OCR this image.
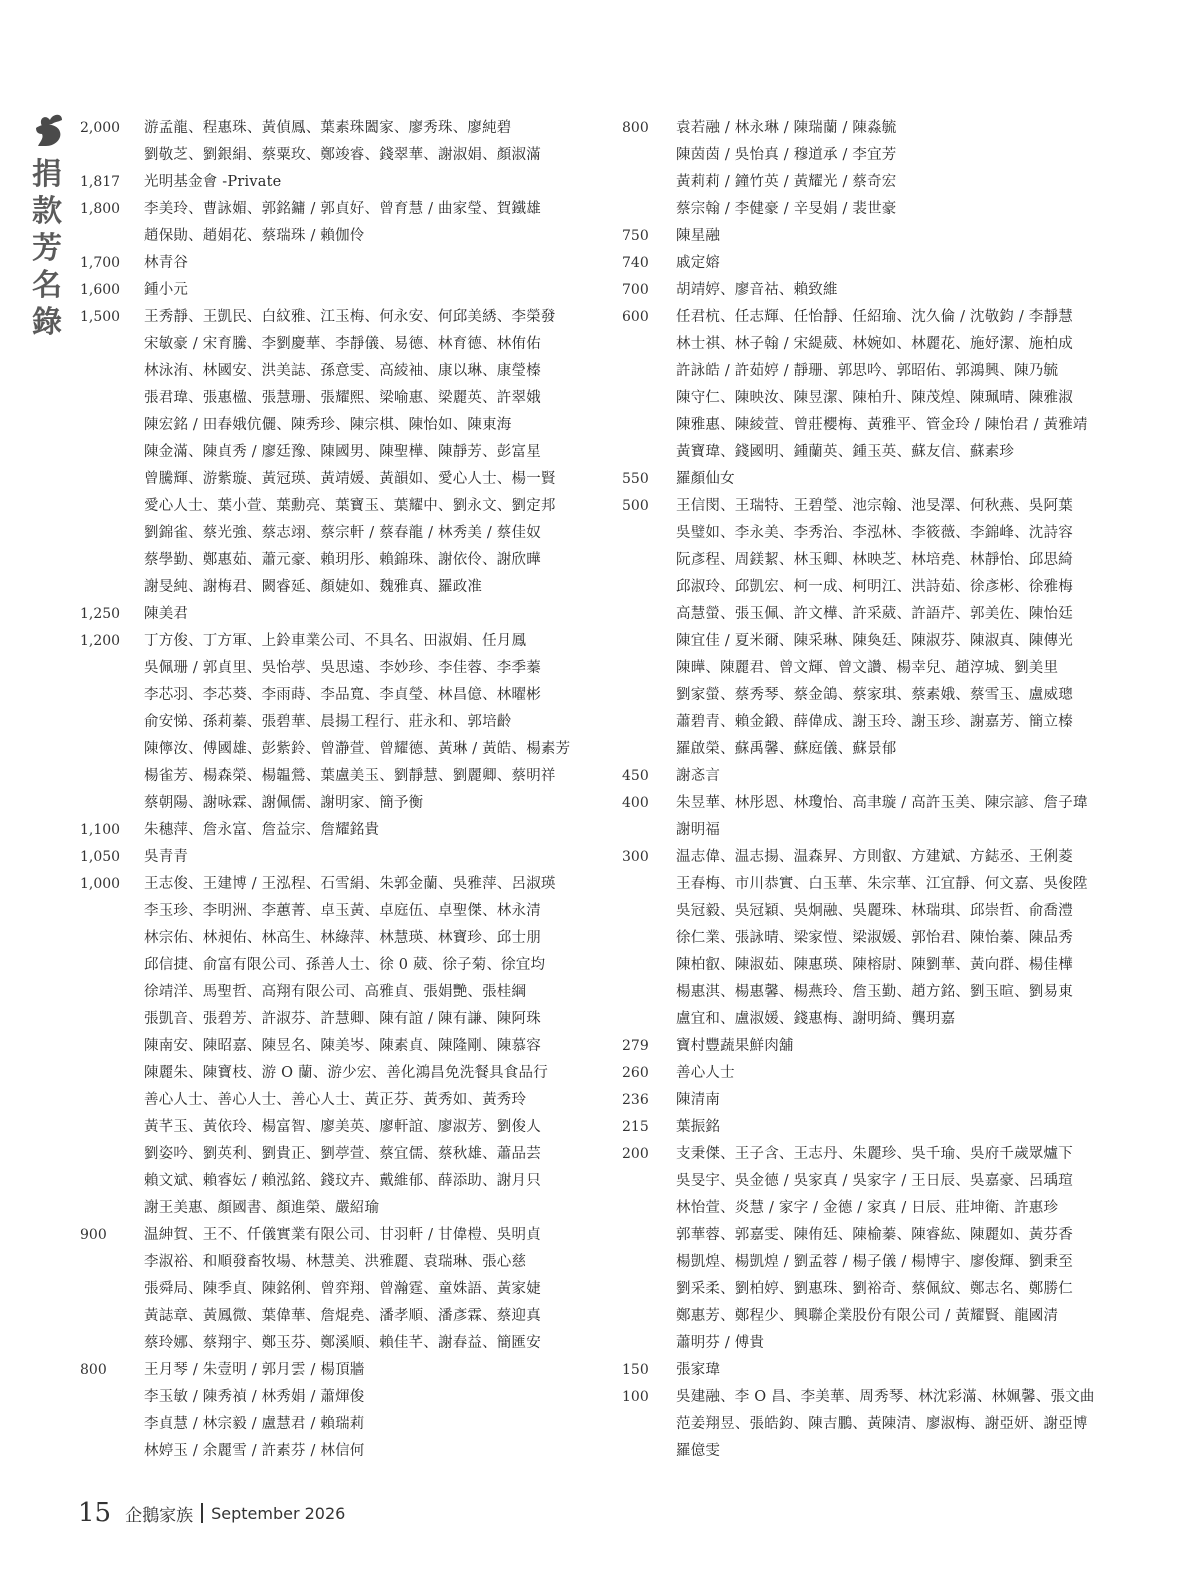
捐
款
芳
名
錄
2,000	游孟龍、程惠珠、黃偵鳳、葉素珠闔家、廖秀珠、廖純碧
劉敬芝、劉銀絹、蔡粟玫、鄭竣睿、錢翠華、謝淑娟、顏淑滿
1,817	光明基金會 -Private
1,800	李美玲、曹詠媚、郭銘鏞 / 郭貞好、曾育慧 / 曲家瑩、賀鐵雄
趙保勛、趙娟花、蔡瑞珠 / 賴伽伶
1,700	林青谷
1,600	鍾小元
1,500	王秀靜、王凱民、白紋雅、江玉梅、何永安、何邱美綉、李榮發
宋敏豪 / 宋育騰、李劉慶華、李靜儀、易德、林育德、林侑佑
林泳洧、林國安、洪美誌、孫意雯、高綾袖、康以琳、康瑩榛
張君瑋、張惠楹、張慧珊、張耀熙、梁喻惠、梁麗英、許翠娥
陳宏銘 / 田春娥伉儷、陳秀珍、陳宗棋、陳怡如、陳東海
陳金滿、陳貞秀 / 廖廷豫、陳國男、陳聖樺、陳靜芳、彭富星
曾騰輝、游紫璇、黃冠瑛、黃靖媛、黃韻如、愛心人士、楊一賢
愛心人士、葉小萱、葉勳亮、葉寶玉、葉耀中、劉永文、劉定邦
劉錦雀、蔡光強、蔡志翊、蔡宗軒 / 蔡春龍 / 林秀美 / 蔡佳奴
蔡學勤、鄭惠茹、蕭元豪、賴玥彤、賴錦珠、謝依伶、謝欣曄
謝旻純、謝梅君、闕睿延、顏婕如、魏雅真、羅政准
1,250	陳美君
1,200	丁方俊、丁方軍、上鈴車業公司、不具名、田淑娟、任月鳳
吳佩珊 / 郭貞里、吳怡葶、吳思遠、李妙珍、李佳蓉、李季蓁
李芯羽、李芯葵、李雨蒔、李品寬、李貞瑩、林昌億、林曜彬
俞安悌、孫莉蓁、張碧華、晨揚工程行、莊永和、郭培齡
陳儜汝、傅國雄、彭紫鈴、曾瀞萱、曾耀德、黃琳 / 黃皓、楊素芳
楊雀芳、楊森榮、楊韞鶯、葉盧美玉、劉靜慧、劉麗卿、蔡明祥
蔡朝陽、謝咏霖、謝佩儒、謝明家、簡予衡
1,100	朱穗萍、詹永富、詹益宗、詹耀銘貴
1,050	吳青青
1,000	王志俊、王建博 / 王泓程、石雪絹、朱郭金蘭、吳雅萍、呂淑瑛
李玉珍、李明洲、李蕙菁、卓玉黃、卓庭伍、卓聖傑、林永清
林宗佑、林昶佑、林高生、林綠萍、林慧瑛、林寶珍、邱士朋
邱信捷、俞富有限公司、孫善人士、徐 0 葳、徐子菊、徐宜均
徐靖洋、馬聖哲、高翔有限公司、高雅貞、張娟艷、張桂綱
張凱音、張碧芳、許淑芬、許慧卿、陳有誼 / 陳有謙、陳阿珠
陳南安、陳昭嘉、陳昱名、陳美岑、陳素貞、陳隆剛、陳慕容
陳麗朱、陳寶枝、游 O 蘭、游少宏、善化鴻昌免洗餐具食品行
善心人士、善心人士、善心人士、黃正芬、黃秀如、黃秀玲
黃芊玉、黃依玲、楊富智、廖美英、廖軒誼、廖淑芳、劉俊人
劉姿吟、劉英利、劉貴正、劉葶萱、蔡宜儒、蔡秋雄、蕭品芸
賴文斌、賴睿妘 / 賴泓銘、錢玟卉、戴維郁、薛添助、謝月只
謝王美惠、顏國書、顏進榮、嚴紹瑜
900	温紳賀、王不、仟儀實業有限公司、甘羽軒 / 甘偉榿、吳明貞
李淑裕、和順發畜牧場、林慧美、洪雅麗、袁瑞琳、張心慈
張舜局、陳季貞、陳銘俐、曾弈翔、曾瀚霆、童姝語、黃家婕
黃誌章、黃鳳微、葉偉華、詹焜堯、潘孝順、潘彥霖、蔡迎真
蔡玲娜、蔡翔宇、鄭玉芬、鄭溪順、賴佳芊、謝春益、簡匯安
800	王月琴 / 朱壹明 / 郭月雲 / 楊頂牆
李玉敏 / 陳秀禎 / 林秀娟 / 蕭煇俊
李貞慧 / 林宗毅 / 盧慧君 / 賴瑞莉
林婷玉 / 余麗雪 / 許素芬 / 林信何
800	袁若融 / 林永琳 / 陳瑞蘭 / 陳淼毓
陳茵茵 / 吳怡真 / 穆道承 / 李宜芳
黃莉莉 / 鐘竹英 / 黃耀光 / 蔡奇宏
蔡宗翰 / 李健豪 / 辛旻娟 / 裴世豪
750	陳星融
740	戚定嫆
700	胡靖婷、廖音祜、賴致維
600	任君杭、任志輝、任怡靜、任紹瑜、沈久倫 / 沈敬鈞 / 李靜慧
林士祺、林子翰 / 宋緹葳、林婉如、林麗花、施妤潔、施柏成
許詠皓 / 許茹婷 / 靜珊、郭思吟、郭昭佑、郭鴻興、陳乃毓
陳守仁、陳映汝、陳昱潔、陳柏升、陳茂煌、陳珮晴、陳雅淑
陳雅惠、陳綾萱、曾莊櫻梅、黃雅平、管金玲 / 陳怡君 / 黃雅靖
黃寶瑋、錢國明、鍾蘭英、鍾玉英、蘇友信、蘇素珍
550	羅顏仙女
500	王信閔、王瑞特、王碧瑩、池宗翰、池旻澤、何秋燕、吳阿葉
吳璧如、李永美、李秀治、李泓林、李筱薇、李錦峰、沈詩容
阮彥程、周鎂絜、林玉卿、林映芝、林培堯、林靜怡、邱思綺
邱淑玲、邱凱宏、柯一成、柯明江、洪詩茹、徐彥彬、徐雅梅
高慧螢、張玉佩、許文樺、許采葳、許語芹、郭美佐、陳怡廷
陳宜佳 / 夏米爾、陳采琳、陳奐廷、陳淑芬、陳淑真、陳傳光
陳曄、陳麗君、曾文輝、曾文讚、楊幸兒、趙淳城、劉美里
劉家螢、蔡秀琴、蔡金鴿、蔡家琪、蔡素娥、蔡雪玉、盧威璁
蕭碧青、賴金鍛、薛偉成、謝玉玲、謝玉珍、謝嘉芳、簡立榛
羅啟榮、蘇禹馨、蘇庭儀、蘇景郁
450	謝忞言
400	朱昱華、林彤恩、林瓊怡、高聿璇 / 高許玉美、陳宗諺、詹子瑋
謝明福
300	温志偉、温志揚、温森昇、方則叡、方建斌、方鋕丞、王俐菱
王春梅、市川恭實、白玉華、朱宗華、江宜靜、何文嘉、吳俊陞
吳冠毅、吳冠穎、吳炯融、吳麗珠、林瑞琪、邱崇哲、俞喬澧
徐仁業、張詠晴、梁家愷、梁淑媛、郭怡君、陳怡蓁、陳品秀
陳柏叡、陳淑茹、陳惠瑛、陳榕尉、陳劉華、黃向群、楊佳樺
楊惠淇、楊惠馨、楊燕玲、詹玉勤、趙方銘、劉玉暄、劉易東
盧宜和、盧淑媛、錢惠梅、謝明綺、龔玥嘉
279	寶村豐蔬果鮮肉舖
260	善心人士
236	陳清南
215	葉振銘
200	支秉傑、王子含、王志丹、朱麗珍、吳千瑜、吳府千歲眾爐下
吳旻宇、吳金德 / 吳家真 / 吳家字 / 王日辰、吳嘉豪、呂瑀瑄
林怡萱、炎慧 / 家字 / 金德 / 家真 / 日辰、莊坤衛、許惠珍
郭華蓉、郭嘉雯、陳侑廷、陳榆蓁、陳睿紘、陳麗如、黃芬香
楊凱煌、楊凱煌 / 劉孟蓉 / 楊子儀 / 楊博宇、廖俊輝、劉秉至
劉采柔、劉柏婷、劉惠珠、劉裕奇、蔡佩紋、鄭志名、鄭勝仁
鄭惠芳、鄭程少、興聯企業股份有限公司 / 黃耀賢、龍國清
蕭明芬 / 傅貴
150	張家瑋
100	吳建融、李 O 昌、李美華、周秀琴、林沈彩滿、林姵馨、張文曲
范姜翔昱、張皓鈞、陳吉鵬、黃陳清、廖淑梅、謝亞妍、謝亞博
羅億雯
15 企鵝家族 September 2026
